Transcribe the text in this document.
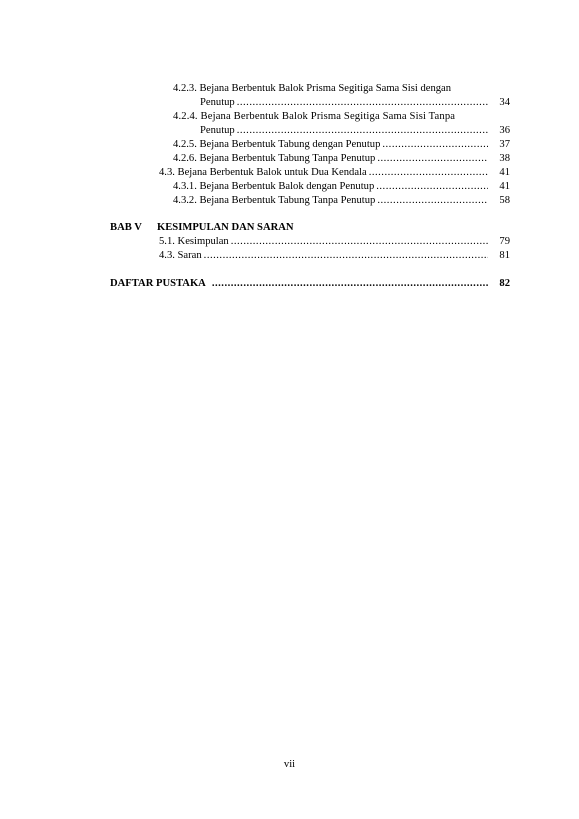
4.2.3. Bejana Berbentuk Balok Prisma Segitiga Sama Sisi dengan
Penutup .....	34
4.2.4. Bejana Berbentuk Balok Prisma Segitiga Sama Sisi Tanpa
Penutup .....	36
4.2.5. Bejana Berbentuk Tabung dengan Penutup .....	37
4.2.6. Bejana Berbentuk Tabung Tanpa Penutup .....	38
4.3. Bejana Berbentuk Balok untuk Dua Kendala .....	41
4.3.1. Bejana Berbentuk Balok dengan Penutup .....	41
4.3.2. Bejana Berbentuk Tabung Tanpa Penutup .....	58
BAB V KESIMPULAN DAN SARAN
5.1. Kesimpulan .....	79
4.3. Saran .....	81
DAFTAR PUSTAKA .....	82
vii
